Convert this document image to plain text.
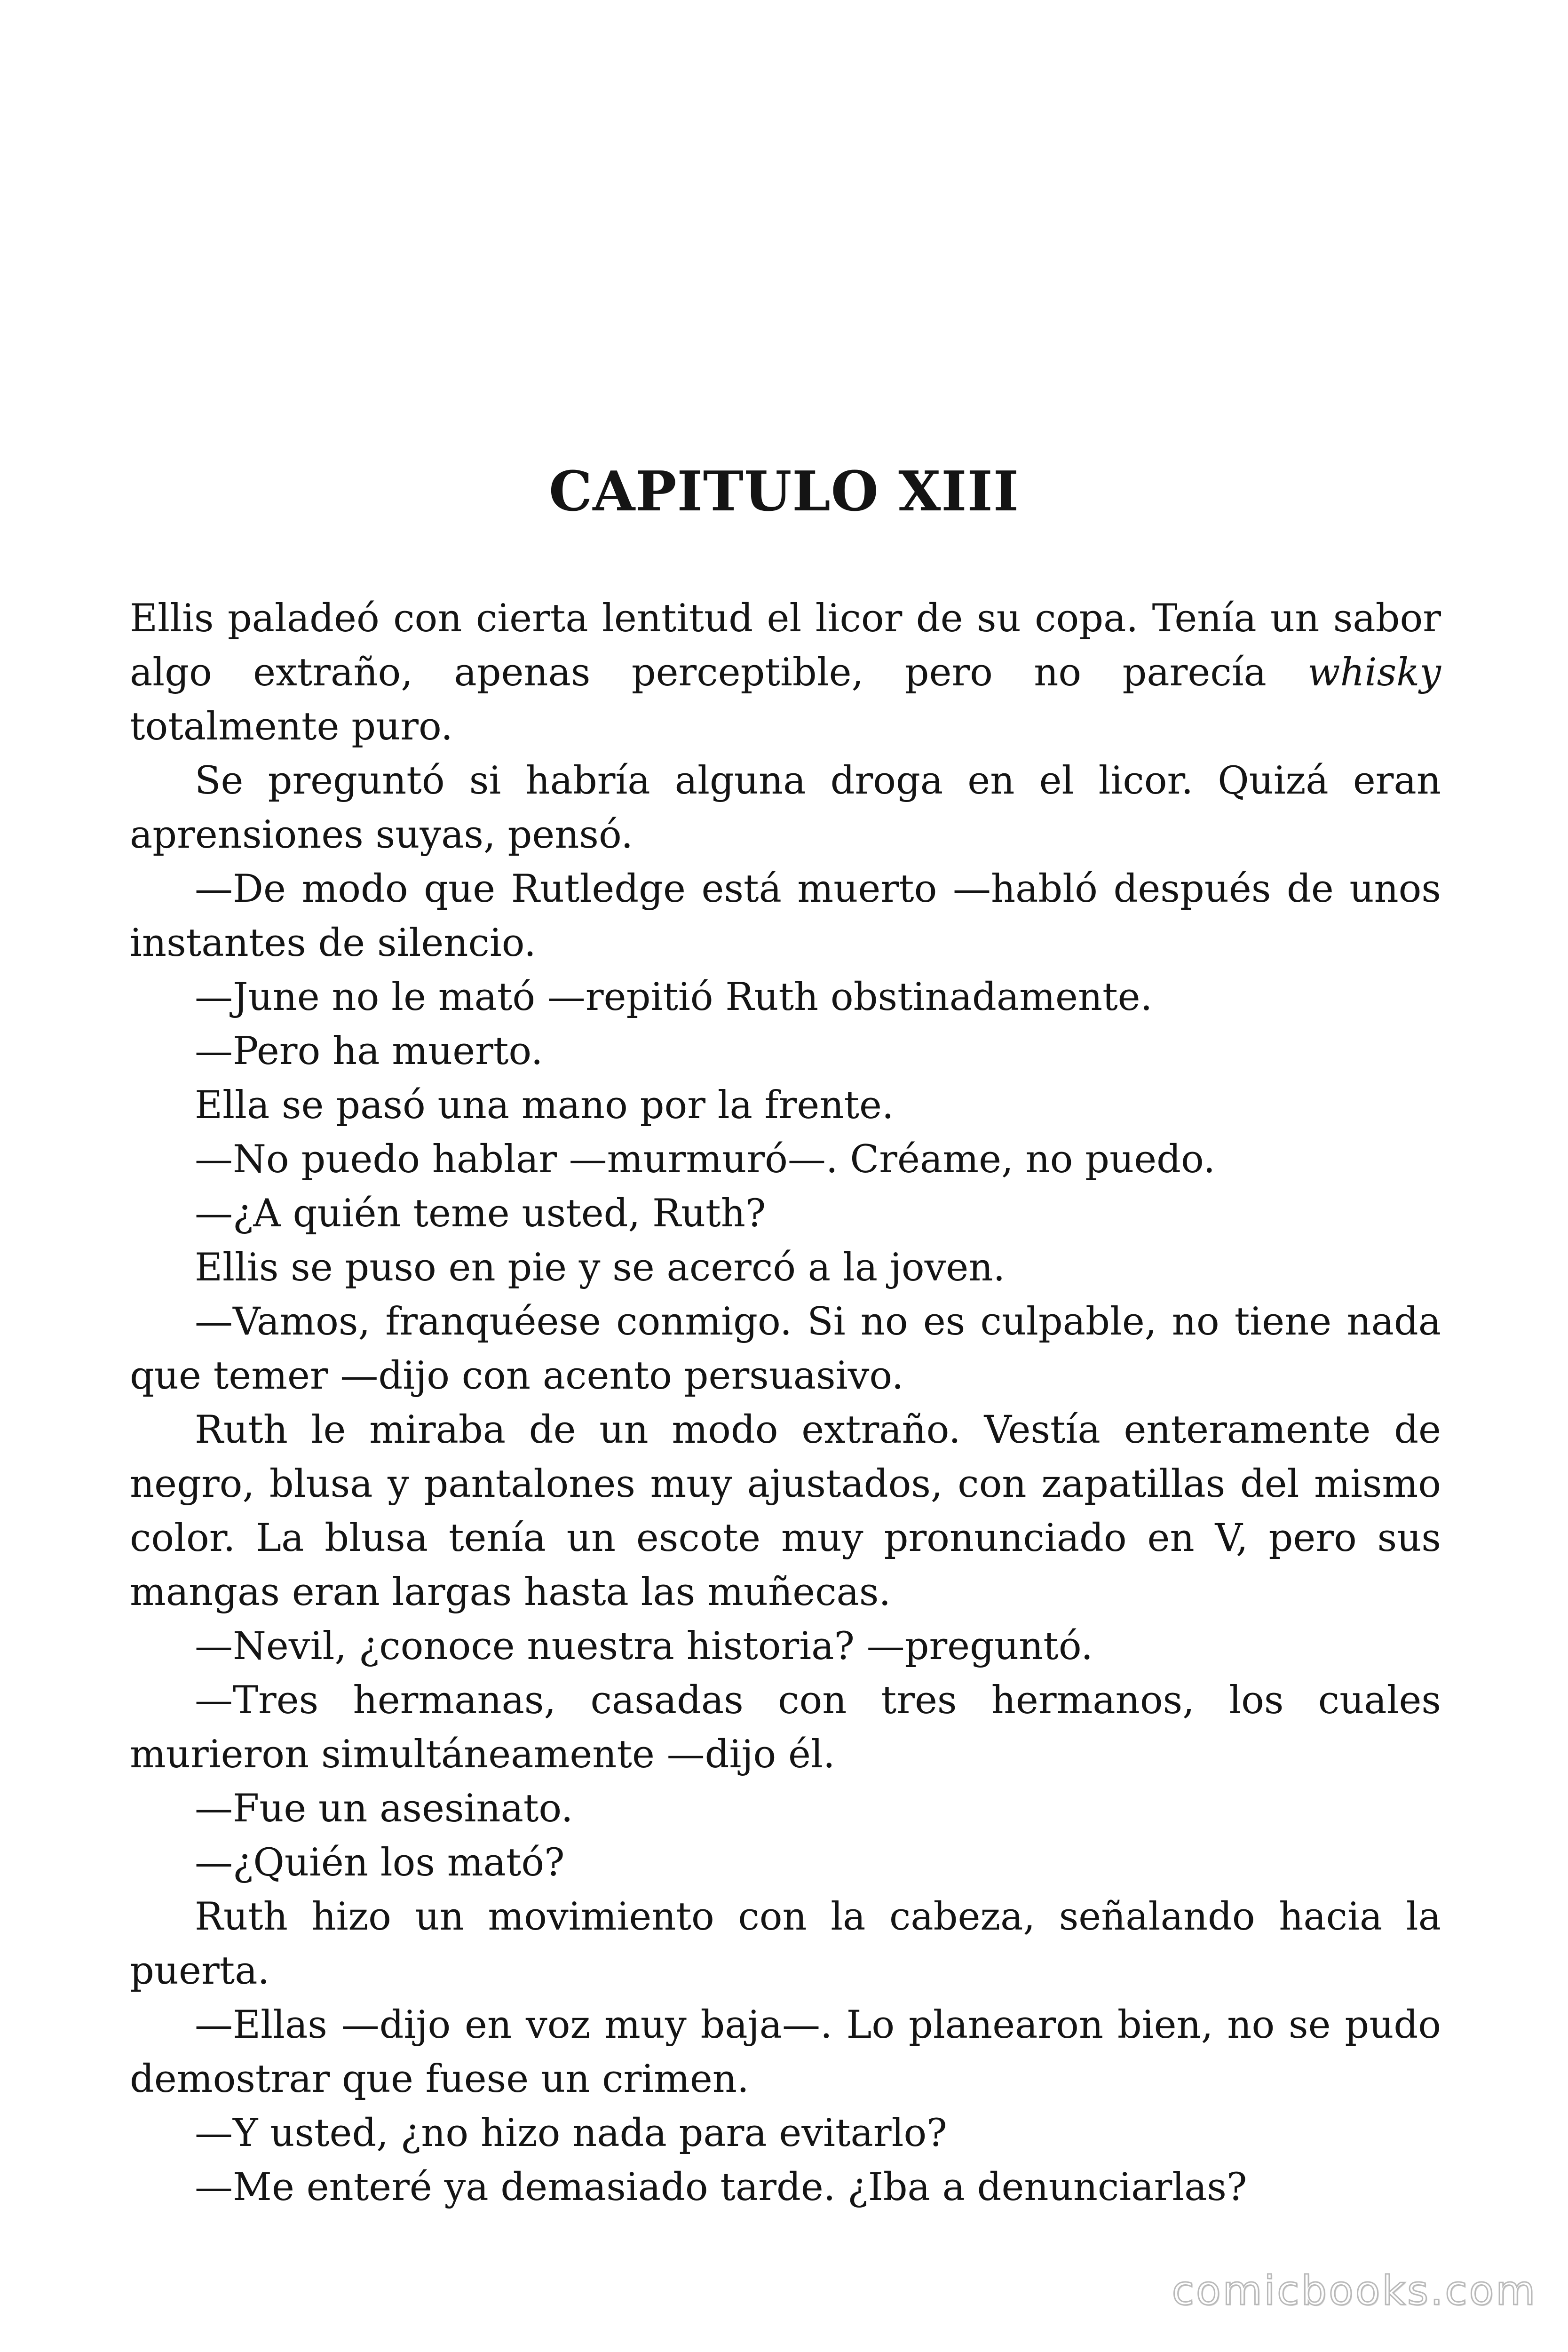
CAPITULO XIII

Ellis paladeó con cierta lentitud el licor de su copa. Tenía un sabor algo extraño, apenas perceptible, pero no parecía whisky totalmente puro.

Se preguntó si habría alguna droga en el licor. Quizá eran aprensiones suyas, pensó.

—De modo que Rutledge está muerto —habló después de unos instantes de silencio.

—June no le mató —repitió Ruth obstinadamente.

—Pero ha muerto.

Ella se pasó una mano por la frente.

—No puedo hablar —murmuró—. Créame, no puedo.

—¿A quién teme usted, Ruth?

Ellis se puso en pie y se acercó a la joven.

—Vamos, franquéese conmigo. Si no es culpable, no tiene nada que temer —dijo con acento persuasivo.

Ruth le miraba de un modo extraño. Vestía enteramente de negro, blusa y pantalones muy ajustados, con zapatillas del mismo color. La blusa tenía un escote muy pronunciado en V, pero sus mangas eran largas hasta las muñecas.

—Nevil, ¿conoce nuestra historia? —preguntó.

—Tres hermanas, casadas con tres hermanos, los cuales murieron simultáneamente —dijo él.

—Fue un asesinato.

—¿Quién los mató?

Ruth hizo un movimiento con la cabeza, señalando hacia la puerta.

—Ellas —dijo en voz muy baja—. Lo planearon bien, no se pudo demostrar que fuese un crimen.

—Y usted, ¿no hizo nada para evitarlo?

—Me enteré ya demasiado tarde. ¿Iba a denunciarlas?

comicbooks.com
